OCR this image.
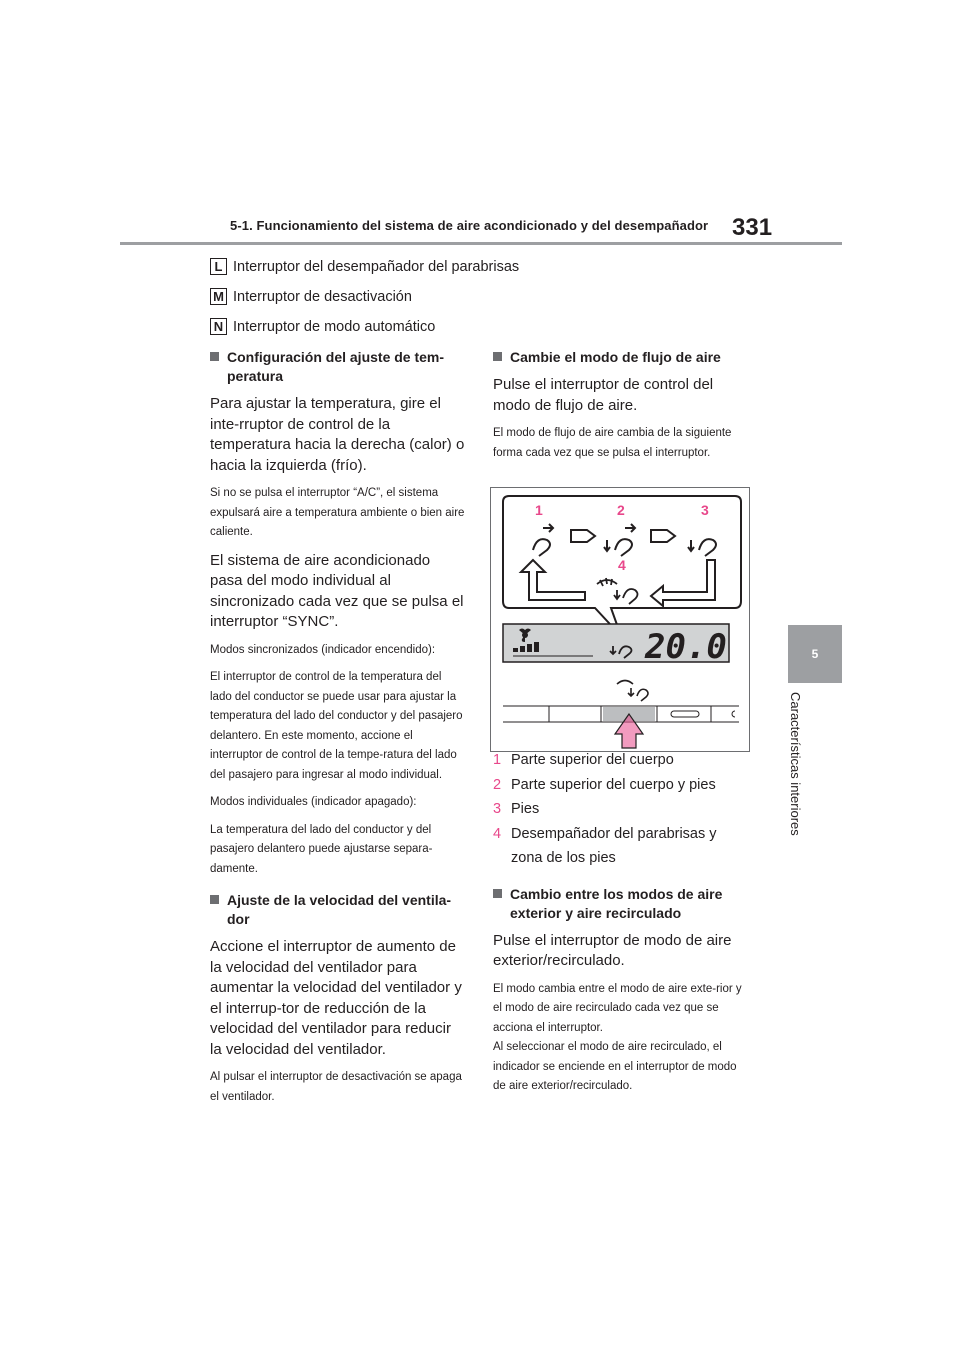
5-1. Funcionamiento del sistema de aire acondicionado y del desempañador 331
5
Características interiores
L Interruptor del desempañador del parabrisas
M Interruptor de desactivación
N Interruptor de modo automático
Configuración del ajuste de tem-peratura
Para ajustar la temperatura, gire el inte-rruptor de control de la temperatura hacia la derecha (calor) o hacia la izquierda (frío).
Si no se pulsa el interruptor “A/C”, el sistema expulsará aire a temperatura ambiente o bien aire caliente.
El sistema de aire acondicionado pasa del modo individual al sincronizado cada vez que se pulsa el interruptor “SYNC”.
Modos sincronizados (indicador encendido):
El interruptor de control de la temperatura del lado del conductor se puede usar para ajustar la temperatura del lado del conductor y del pasajero delantero. En este momento, accione el interruptor de control de la tempe-ratura del lado del pasajero para ingresar al modo individual.
Modos individuales (indicador apagado):
La temperatura del lado del conductor y del pasajero delantero puede ajustarse separa-damente.
Ajuste de la velocidad del ventila-dor
Accione el interruptor de aumento de la velocidad del ventilador para aumentar la velocidad del ventilador y el interrup-tor de reducción de la velocidad del ventilador para reducir la velocidad del ventilador.
Al pulsar el interruptor de desactivación se apaga el ventilador.
Cambie el modo de flujo de aire
Pulse el interruptor de control del modo de flujo de aire.
El modo de flujo de aire cambia de la siguiente forma cada vez que se pulsa el interruptor.
1	2	3
4
20.0
1 Parte superior del cuerpo
2 Parte superior del cuerpo y pies
3 Pies
4 Desempañador del parabrisas y zona de los pies
Cambio entre los modos de aire exterior y aire recirculado
Pulse el interruptor de modo de aire exterior/recirculado.
El modo cambia entre el modo de aire exte-rior y el modo de aire recirculado cada vez que se acciona el interruptor.
Al seleccionar el modo de aire recirculado, el indicador se enciende en el interruptor de modo de aire exterior/recirculado.
